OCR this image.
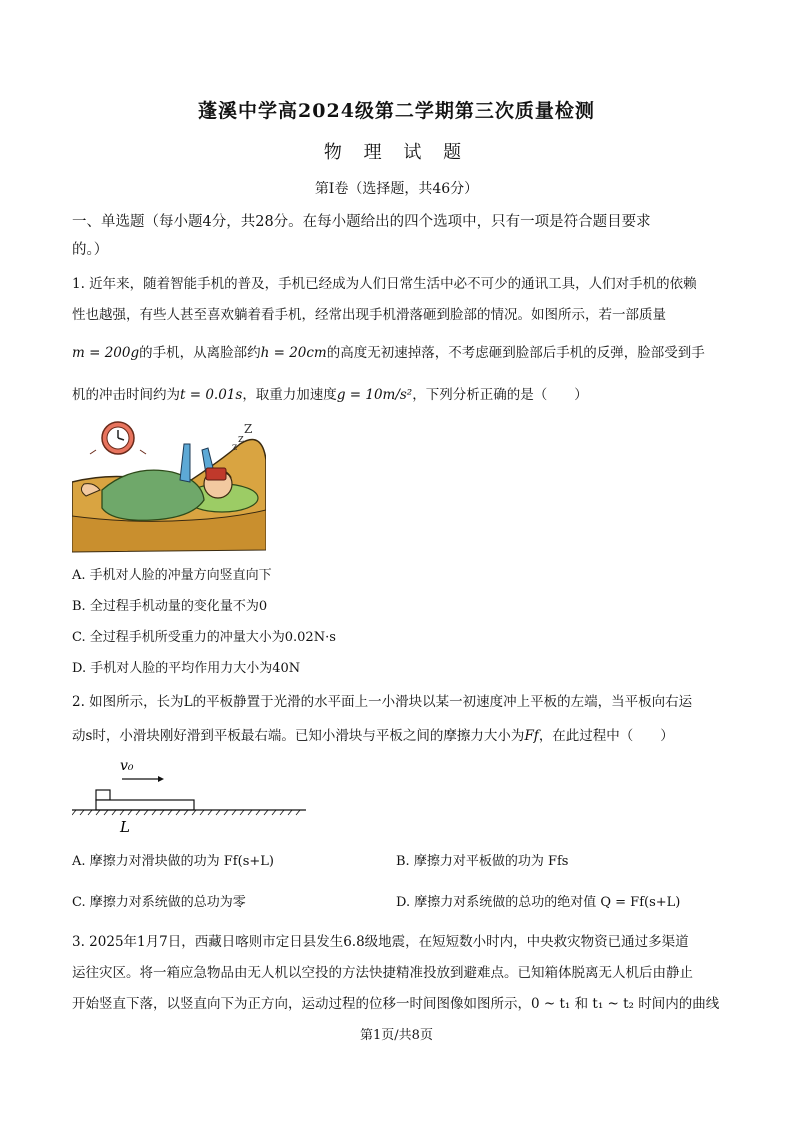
蓬溪中学高2024级第二学期第三次质量检测
物 理 试 题
第Ⅰ卷（选择题，共46分）
一、单选题（每小题4分，共28分。在每小题给出的四个选项中，只有一项是符合题目要求
的。）
1. 近年来，随着智能手机的普及，手机已经成为人们日常生活中必不可少的通讯工具，人们对手机的依赖
性也越强，有些人甚至喜欢躺着看手机，经常出现手机滑落砸到脸部的情况。如图所示，若一部质量
m = 200g的手机，从离脸部约h = 20cm的高度无初速掉落，不考虑砸到脸部后手机的反弹，脸部受到手
机的冲击时间约为t = 0.01s，取重力加速度g = 10m/s²，下列分析正确的是（　　）
z
z
Z
A. 手机对人脸的冲量方向竖直向下
B. 全过程手机动量的变化量不为0
C. 全过程手机所受重力的冲量大小为0.02N·s
D. 手机对人脸的平均作用力大小为40N
2. 如图所示，长为L的平板静置于光滑的水平面上一小滑块以某一初速度冲上平板的左端，当平板向右运
动s时，小滑块刚好滑到平板最右端。已知小滑块与平板之间的摩擦力大小为Ff，在此过程中（　　）
v₀
L
A. 摩擦力对滑块做的功为 Ff(s+L)	B. 摩擦力对平板做的功为 Ffs
C. 摩擦力对系统做的总功为零	D. 摩擦力对系统做的总功的绝对值 Q = Ff(s+L)
3. 2025年1月7日，西藏日喀则市定日县发生6.8级地震，在短短数小时内，中央救灾物资已通过多渠道
运往灾区。将一箱应急物品由无人机以空投的方法快捷精准投放到避难点。已知箱体脱离无人机后由静止
开始竖直下落，以竖直向下为正方向，运动过程的位移一时间图像如图所示，0 ~ t₁ 和 t₁ ~ t₂ 时间内的曲线
第1页/共8页
